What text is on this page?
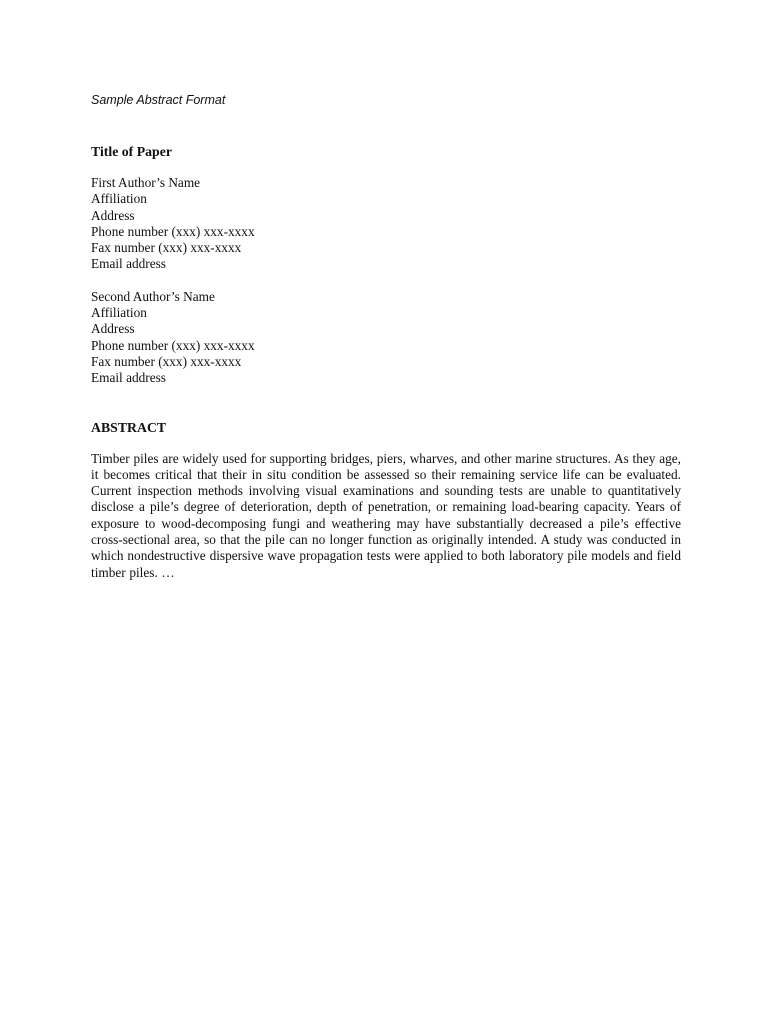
Sample Abstract Format
Title of Paper
First Author’s Name
Affiliation
Address
Phone number (xxx) xxx-xxxx
Fax number (xxx) xxx-xxxx
Email address
Second Author’s Name
Affiliation
Address
Phone number (xxx) xxx-xxxx
Fax number (xxx) xxx-xxxx
Email address
ABSTRACT

Timber piles are widely used for supporting bridges, piers, wharves, and other marine structures. As they age, it becomes critical that their in situ condition be assessed so their remaining service life can be evaluated. Current inspection methods involving visual examinations and sounding tests are unable to quantitatively disclose a pile’s degree of deterioration, depth of penetration, or remaining load-bearing capacity. Years of exposure to wood-decomposing fungi and weathering may have substantially decreased a pile’s effective cross-sectional area, so that the pile can no longer function as originally intended. A study was conducted in which nondestructive dispersive wave propagation tests were applied to both laboratory pile models and field timber piles. …
